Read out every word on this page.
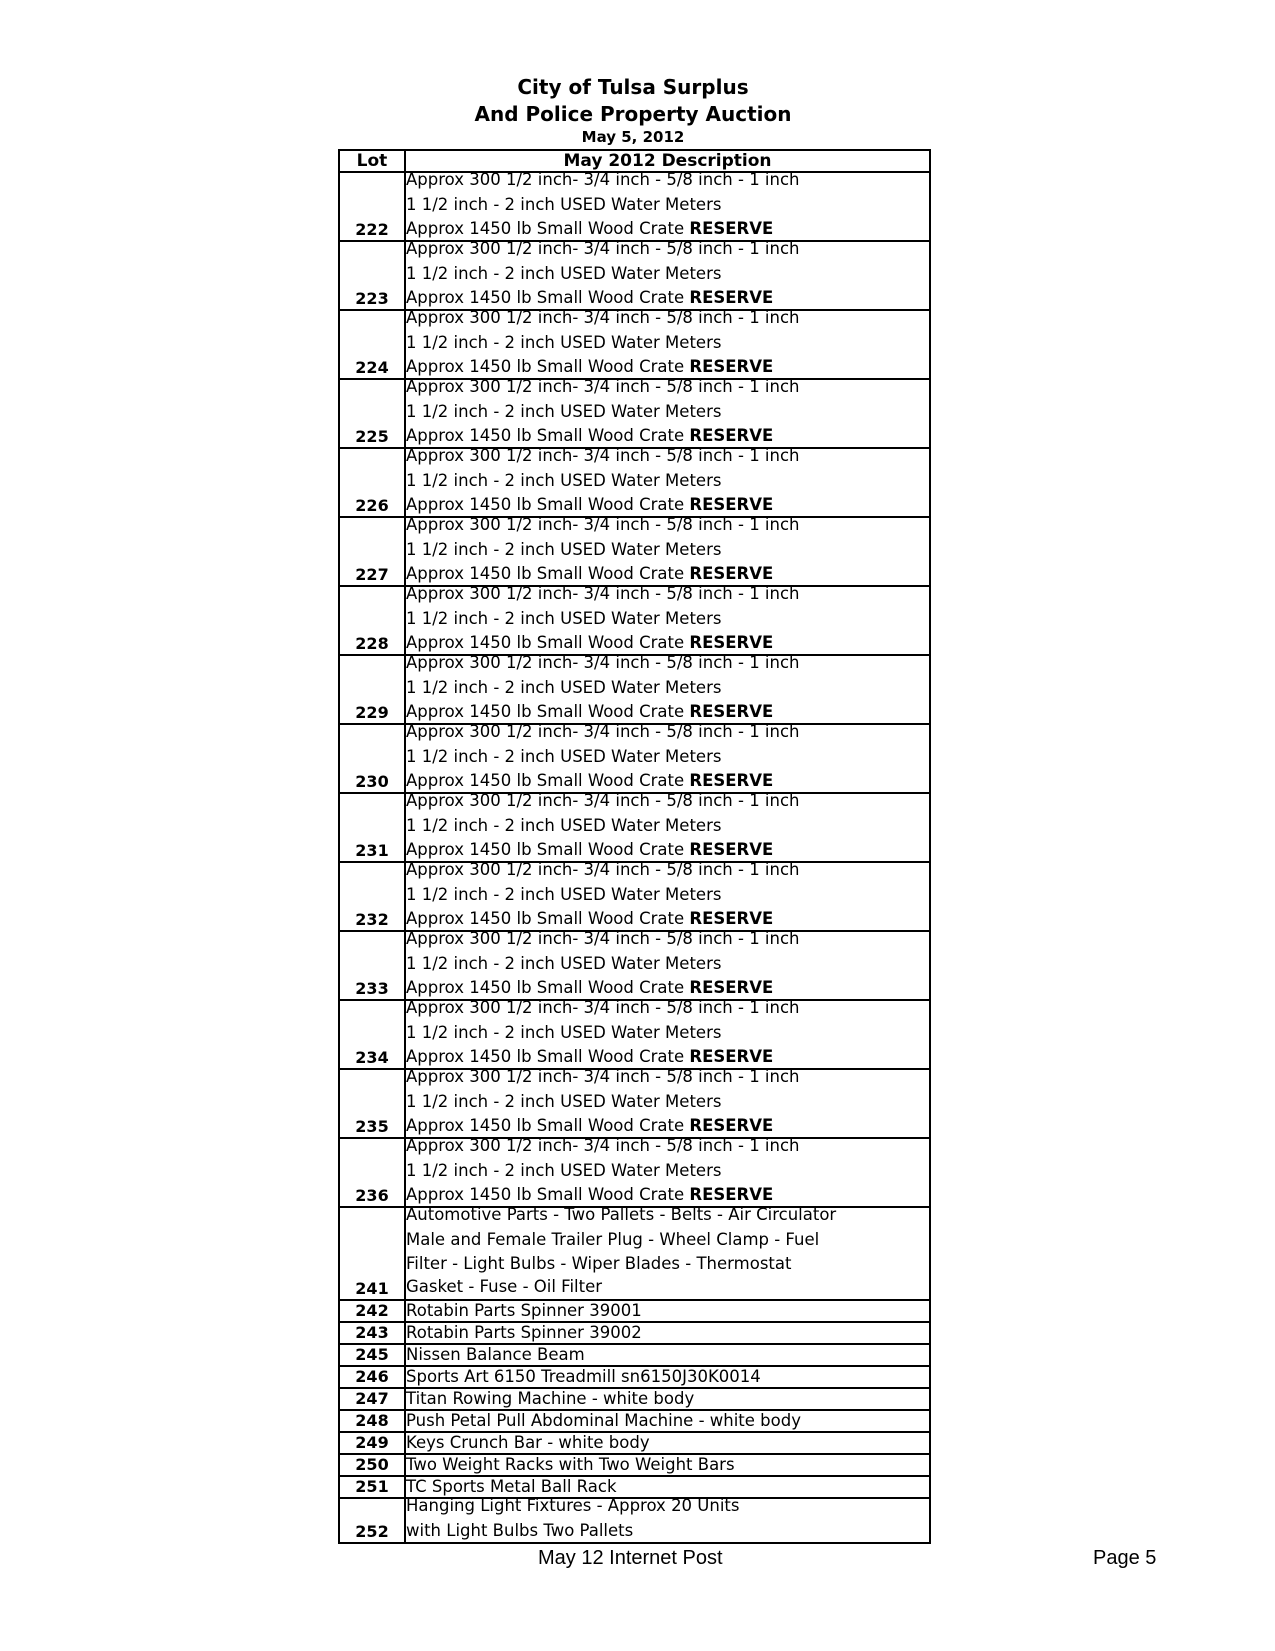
City of Tulsa Surplus
And Police Property Auction
May 5, 2012
Lot	May 2012 Description
222	Approx 300 1/2 inch- 3/4 inch - 5/8 inch - 1 inch
1 1/2 inch - 2 inch USED Water Meters
Approx 1450 lb Small Wood Crate RESERVE

223	Approx 300 1/2 inch- 3/4 inch - 5/8 inch - 1 inch
1 1/2 inch - 2 inch USED Water Meters
Approx 1450 lb Small Wood Crate RESERVE

224	Approx 300 1/2 inch- 3/4 inch - 5/8 inch - 1 inch
1 1/2 inch - 2 inch USED Water Meters
Approx 1450 lb Small Wood Crate RESERVE

225	Approx 300 1/2 inch- 3/4 inch - 5/8 inch - 1 inch
1 1/2 inch - 2 inch USED Water Meters
Approx 1450 lb Small Wood Crate RESERVE

226	Approx 300 1/2 inch- 3/4 inch - 5/8 inch - 1 inch
1 1/2 inch - 2 inch USED Water Meters
Approx 1450 lb Small Wood Crate RESERVE

227	Approx 300 1/2 inch- 3/4 inch - 5/8 inch - 1 inch
1 1/2 inch - 2 inch USED Water Meters
Approx 1450 lb Small Wood Crate RESERVE

228	Approx 300 1/2 inch- 3/4 inch - 5/8 inch - 1 inch
1 1/2 inch - 2 inch USED Water Meters
Approx 1450 lb Small Wood Crate RESERVE

229	Approx 300 1/2 inch- 3/4 inch - 5/8 inch - 1 inch
1 1/2 inch - 2 inch USED Water Meters
Approx 1450 lb Small Wood Crate RESERVE

230	Approx 300 1/2 inch- 3/4 inch - 5/8 inch - 1 inch
1 1/2 inch - 2 inch USED Water Meters
Approx 1450 lb Small Wood Crate RESERVE

231	Approx 300 1/2 inch- 3/4 inch - 5/8 inch - 1 inch
1 1/2 inch - 2 inch USED Water Meters
Approx 1450 lb Small Wood Crate RESERVE

232	Approx 300 1/2 inch- 3/4 inch - 5/8 inch - 1 inch
1 1/2 inch - 2 inch USED Water Meters
Approx 1450 lb Small Wood Crate RESERVE

233	Approx 300 1/2 inch- 3/4 inch - 5/8 inch - 1 inch
1 1/2 inch - 2 inch USED Water Meters
Approx 1450 lb Small Wood Crate RESERVE

234	Approx 300 1/2 inch- 3/4 inch - 5/8 inch - 1 inch
1 1/2 inch - 2 inch USED Water Meters
Approx 1450 lb Small Wood Crate RESERVE

235	Approx 300 1/2 inch- 3/4 inch - 5/8 inch - 1 inch
1 1/2 inch - 2 inch USED Water Meters
Approx 1450 lb Small Wood Crate RESERVE

236	Approx 300 1/2 inch- 3/4 inch - 5/8 inch - 1 inch
1 1/2 inch - 2 inch USED Water Meters
Approx 1450 lb Small Wood Crate RESERVE

241	Automotive Parts - Two Pallets - Belts - Air Circulator
Male and Female Trailer Plug - Wheel Clamp - Fuel
Filter - Light Bulbs - Wiper Blades - Thermostat
Gasket - Fuse - Oil Filter

242	Rotabin Parts Spinner 39001

243	Rotabin Parts Spinner 39002

245	Nissen Balance Beam

246	Sports Art 6150 Treadmill sn6150J30K0014

247	Titan Rowing Machine - white body

248	Push Petal Pull Abdominal Machine - white body

249	Keys Crunch Bar - white body

250	Two Weight Racks with Two Weight Bars

251	TC Sports Metal Ball Rack

252	Hanging Light Fixtures - Approx 20 Units
with Light Bulbs Two Pallets
May 12 Internet Post	Page 5
